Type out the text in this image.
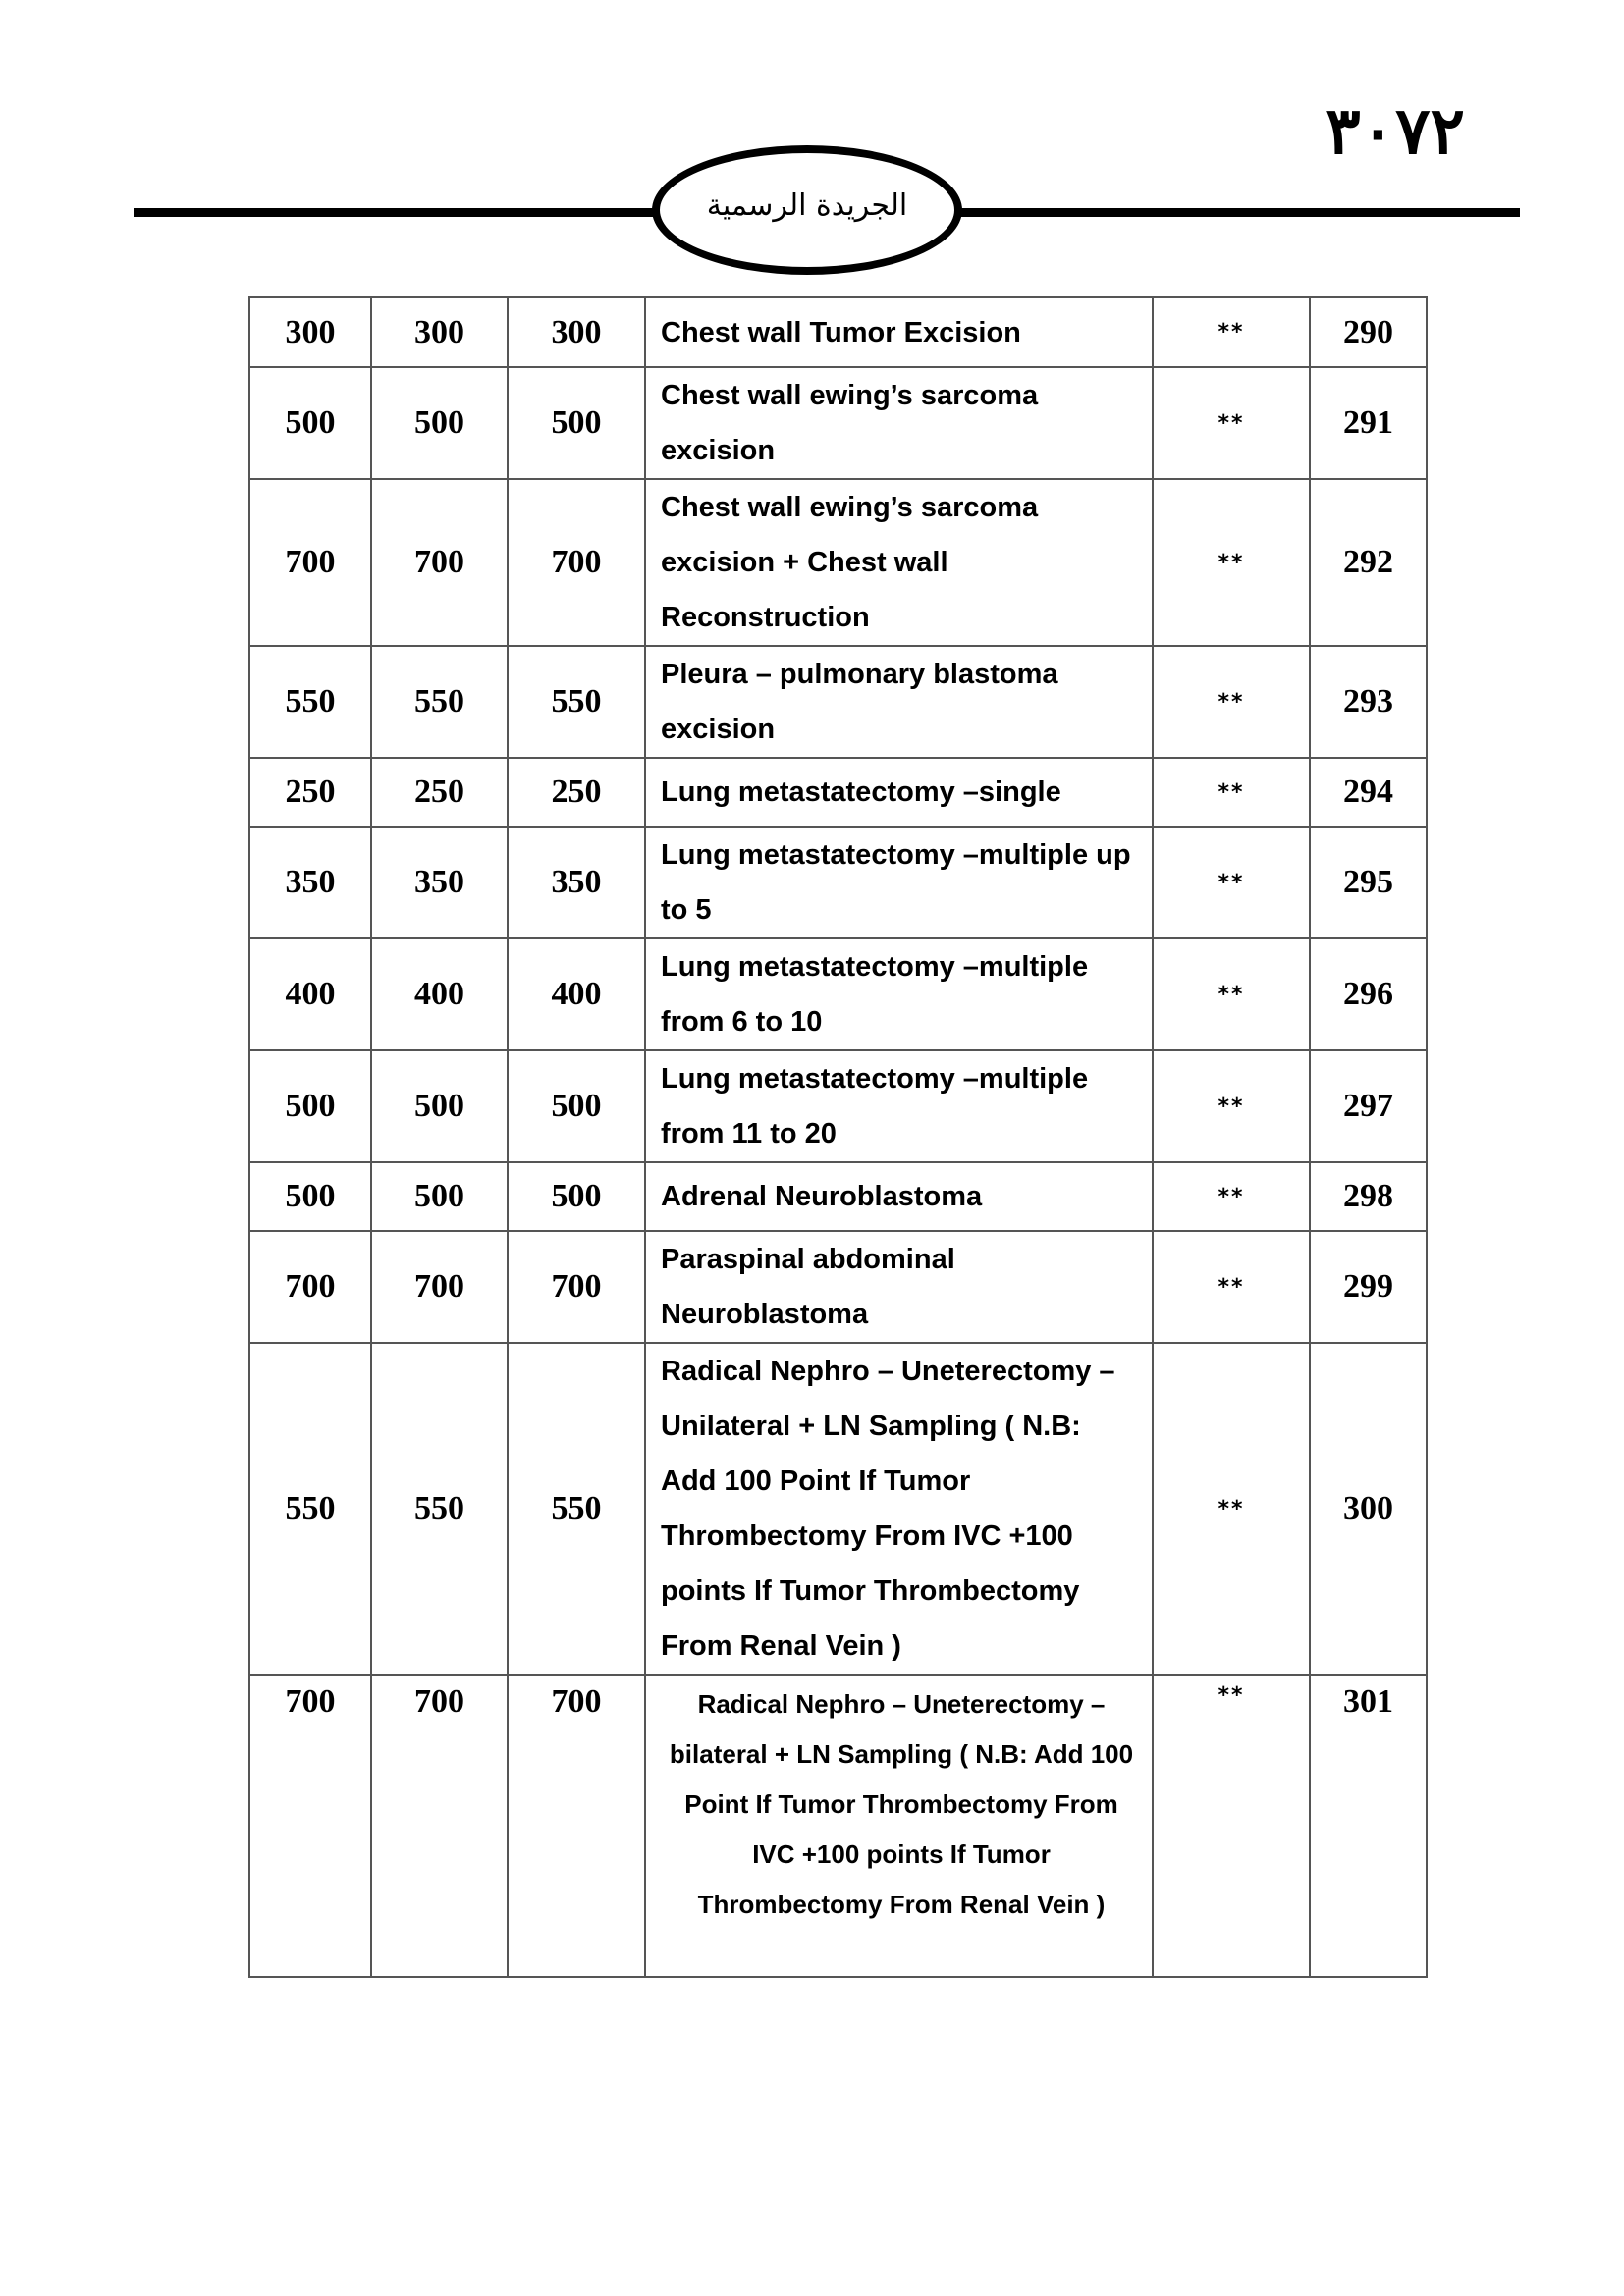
٣٠٧٢
الجريدة الرسمية
300	300	300	Chest wall Tumor Excision	**	290
500	500	500	Chest wall ewing’s sarcoma excision	**	291
700	700	700	Chest wall ewing’s sarcoma excision + Chest wall Reconstruction	**	292
550	550	550	Pleura – pulmonary blastoma excision	**	293
250	250	250	Lung metastatectomy –single	**	294
350	350	350	Lung metastatectomy –multiple up to 5	**	295
400	400	400	Lung metastatectomy –multiple from 6 to 10	**	296
500	500	500	Lung metastatectomy –multiple from 11 to 20	**	297
500	500	500	Adrenal Neuroblastoma	**	298
700	700	700	Paraspinal abdominal Neuroblastoma	**	299
550	550	550	Radical Nephro – Uneterectomy – Unilateral + LN Sampling ( N.B: Add 100 Point If Tumor Thrombectomy From IVC +100 points If Tumor Thrombectomy From Renal Vein )	**	300
700	700	700	Radical Nephro – Uneterectomy – bilateral + LN Sampling ( N.B: Add 100 Point If Tumor Thrombectomy From IVC +100 points If Tumor Thrombectomy From Renal Vein )	**	301
